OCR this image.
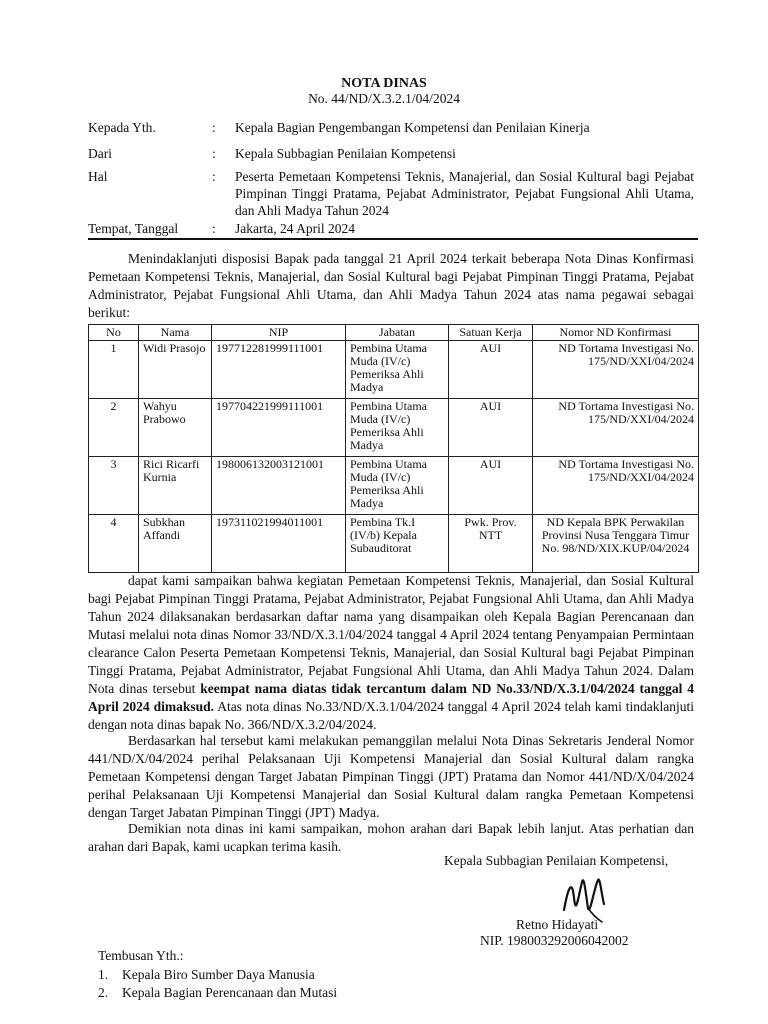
NOTA DINAS
No. 44/ND/X.3.2.1/04/2024
Kepada Yth.	: Kepala Bagian Pengembangan Kompetensi dan Penilaian Kinerja
Dari	: Kepala Subbagian Penilaian Kompetensi
Hal	: Peserta Pemetaan Kompetensi Teknis, Manajerial, dan Sosial Kultural bagi Pejabat Pimpinan Tinggi Pratama, Pejabat Administrator, Pejabat Fungsional Ahli Utama, dan Ahli Madya Tahun 2024
Tempat, Tanggal	: Jakarta, 24 April 2024
Menindaklanjuti disposisi Bapak pada tanggal 21 April 2024 terkait beberapa Nota Dinas Konfirmasi Pemetaan Kompetensi Teknis, Manajerial, dan Sosial Kultural bagi Pejabat Pimpinan Tinggi Pratama, Pejabat Administrator, Pejabat Fungsional Ahli Utama, dan Ahli Madya Tahun 2024 atas nama pegawai sebagai berikut:
No	Nama	NIP	Jabatan	Satuan Kerja	Nomor ND Konfirmasi
1	Widi Prasojo	197712281999111001	Pembina Utama Muda (IV/c) Pemeriksa Ahli Madya	AUI	ND Tortama Investigasi No. 175/ND/XXI/04/2024
2	Wahyu Prabowo	197704221999111001	Pembina Utama Muda (IV/c) Pemeriksa Ahli Madya	AUI	ND Tortama Investigasi No. 175/ND/XXI/04/2024
3	Rici Ricarfi Kurnia	198006132003121001	Pembina Utama Muda (IV/c) Pemeriksa Ahli Madya	AUI	ND Tortama Investigasi No. 175/ND/XXI/04/2024
4	Subkhan Affandi	197311021994011001	Pembina Tk.I (IV/b) Kepala Subauditorat	Pwk. Prov. NTT	ND Kepala BPK Perwakilan Provinsi Nusa Tenggara Timur No. 98/ND/XIX.KUP/04/2024
dapat kami sampaikan bahwa kegiatan Pemetaan Kompetensi Teknis, Manajerial, dan Sosial Kultural bagi Pejabat Pimpinan Tinggi Pratama, Pejabat Administrator, Pejabat Fungsional Ahli Utama, dan Ahli Madya Tahun 2024 dilaksanakan berdasarkan daftar nama yang disampaikan oleh Kepala Bagian Perencanaan dan Mutasi melalui nota dinas Nomor 33/ND/X.3.1/04/2024 tanggal 4 April 2024 tentang Penyampaian Permintaan clearance Calon Peserta Pemetaan Kompetensi Teknis, Manajerial, dan Sosial Kultural bagi Pejabat Pimpinan Tinggi Pratama, Pejabat Administrator, Pejabat Fungsional Ahli Utama, dan Ahli Madya Tahun 2024. Dalam Nota dinas tersebut keempat nama diatas tidak tercantum dalam ND No.33/ND/X.3.1/04/2024 tanggal 4 April 2024 dimaksud. Atas nota dinas No.33/ND/X.3.1/04/2024 tanggal 4 April 2024 telah kami tindaklanjuti dengan nota dinas bapak No. 366/ND/X.3.2/04/2024.
Berdasarkan hal tersebut kami melakukan pemanggilan melalui Nota Dinas Sekretaris Jenderal Nomor 441/ND/X/04/2024 perihal Pelaksanaan Uji Kompetensi Manajerial dan Sosial Kultural dalam rangka Pemetaan Kompetensi dengan Target Jabatan Pimpinan Tinggi (JPT) Pratama dan Nomor 441/ND/X/04/2024 perihal Pelaksanaan Uji Kompetensi Manajerial dan Sosial Kultural dalam rangka Pemetaan Kompetensi dengan Target Jabatan Pimpinan Tinggi (JPT) Madya.
Demikian nota dinas ini kami sampaikan, mohon arahan dari Bapak lebih lanjut. Atas perhatian dan arahan dari Bapak, kami ucapkan terima kasih.
Kepala Subbagian Penilaian Kompetensi,
Retno Hidayati
NIP. 198003292006042002
Tembusan Yth.:
1. Kepala Biro Sumber Daya Manusia
2. Kepala Bagian Perencanaan dan Mutasi
